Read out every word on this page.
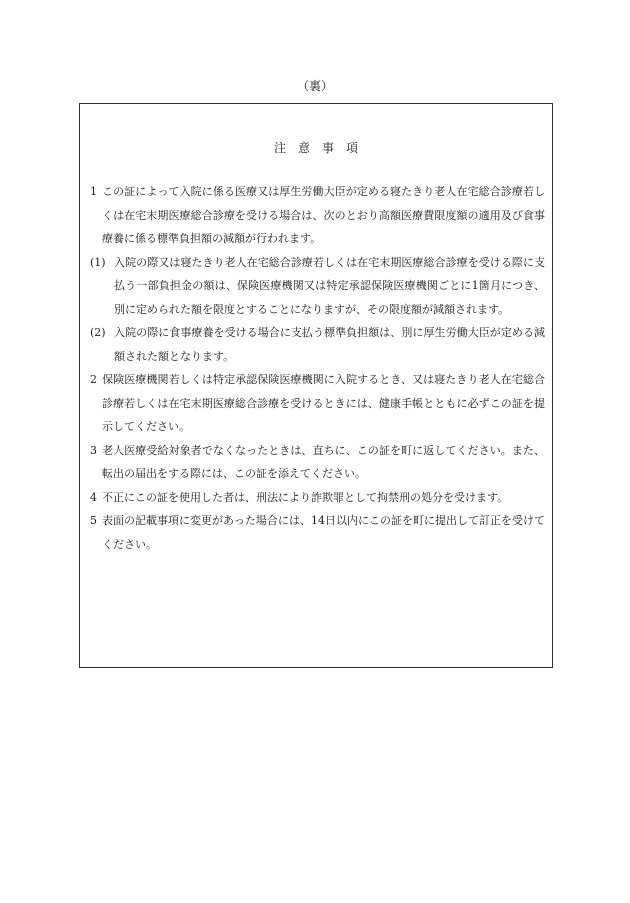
（裏）
注　意　事　項

1 この証によって入院に係る医療又は厚生労働大臣が定める寝たきり老人在宅総合診療若しくは在宅末期医療総合診療を受ける場合は、次のとおり高額医療費限度額の適用及び食事療養に係る標準負担額の減額が行われます。

(1) 入院の際又は寝たきり老人在宅総合診療若しくは在宅末期医療総合診療を受ける際に支払う一部負担金の額は、保険医療機関又は特定承認保険医療機関ごとに1箇月につき、別に定められた額を限度とすることになりますが、その限度額が減額されます。

(2) 入院の際に食事療養を受ける場合に支払う標準負担額は、別に厚生労働大臣が定める減額された額となります。

2 保険医療機関若しくは特定承認保険医療機関に入院するとき、又は寝たきり老人在宅総合診療若しくは在宅末期医療総合診療を受けるときには、健康手帳とともに必ずこの証を提示してください。

3 老人医療受給対象者でなくなったときは、直ちに、この証を町に返してください。また、転出の届出をする際には、この証を添えてください。

4 不正にこの証を使用した者は、刑法により詐欺罪として拘禁刑の処分を受けます。

5 表面の記載事項に変更があった場合には、14日以内にこの証を町に提出して訂正を受けてください。
